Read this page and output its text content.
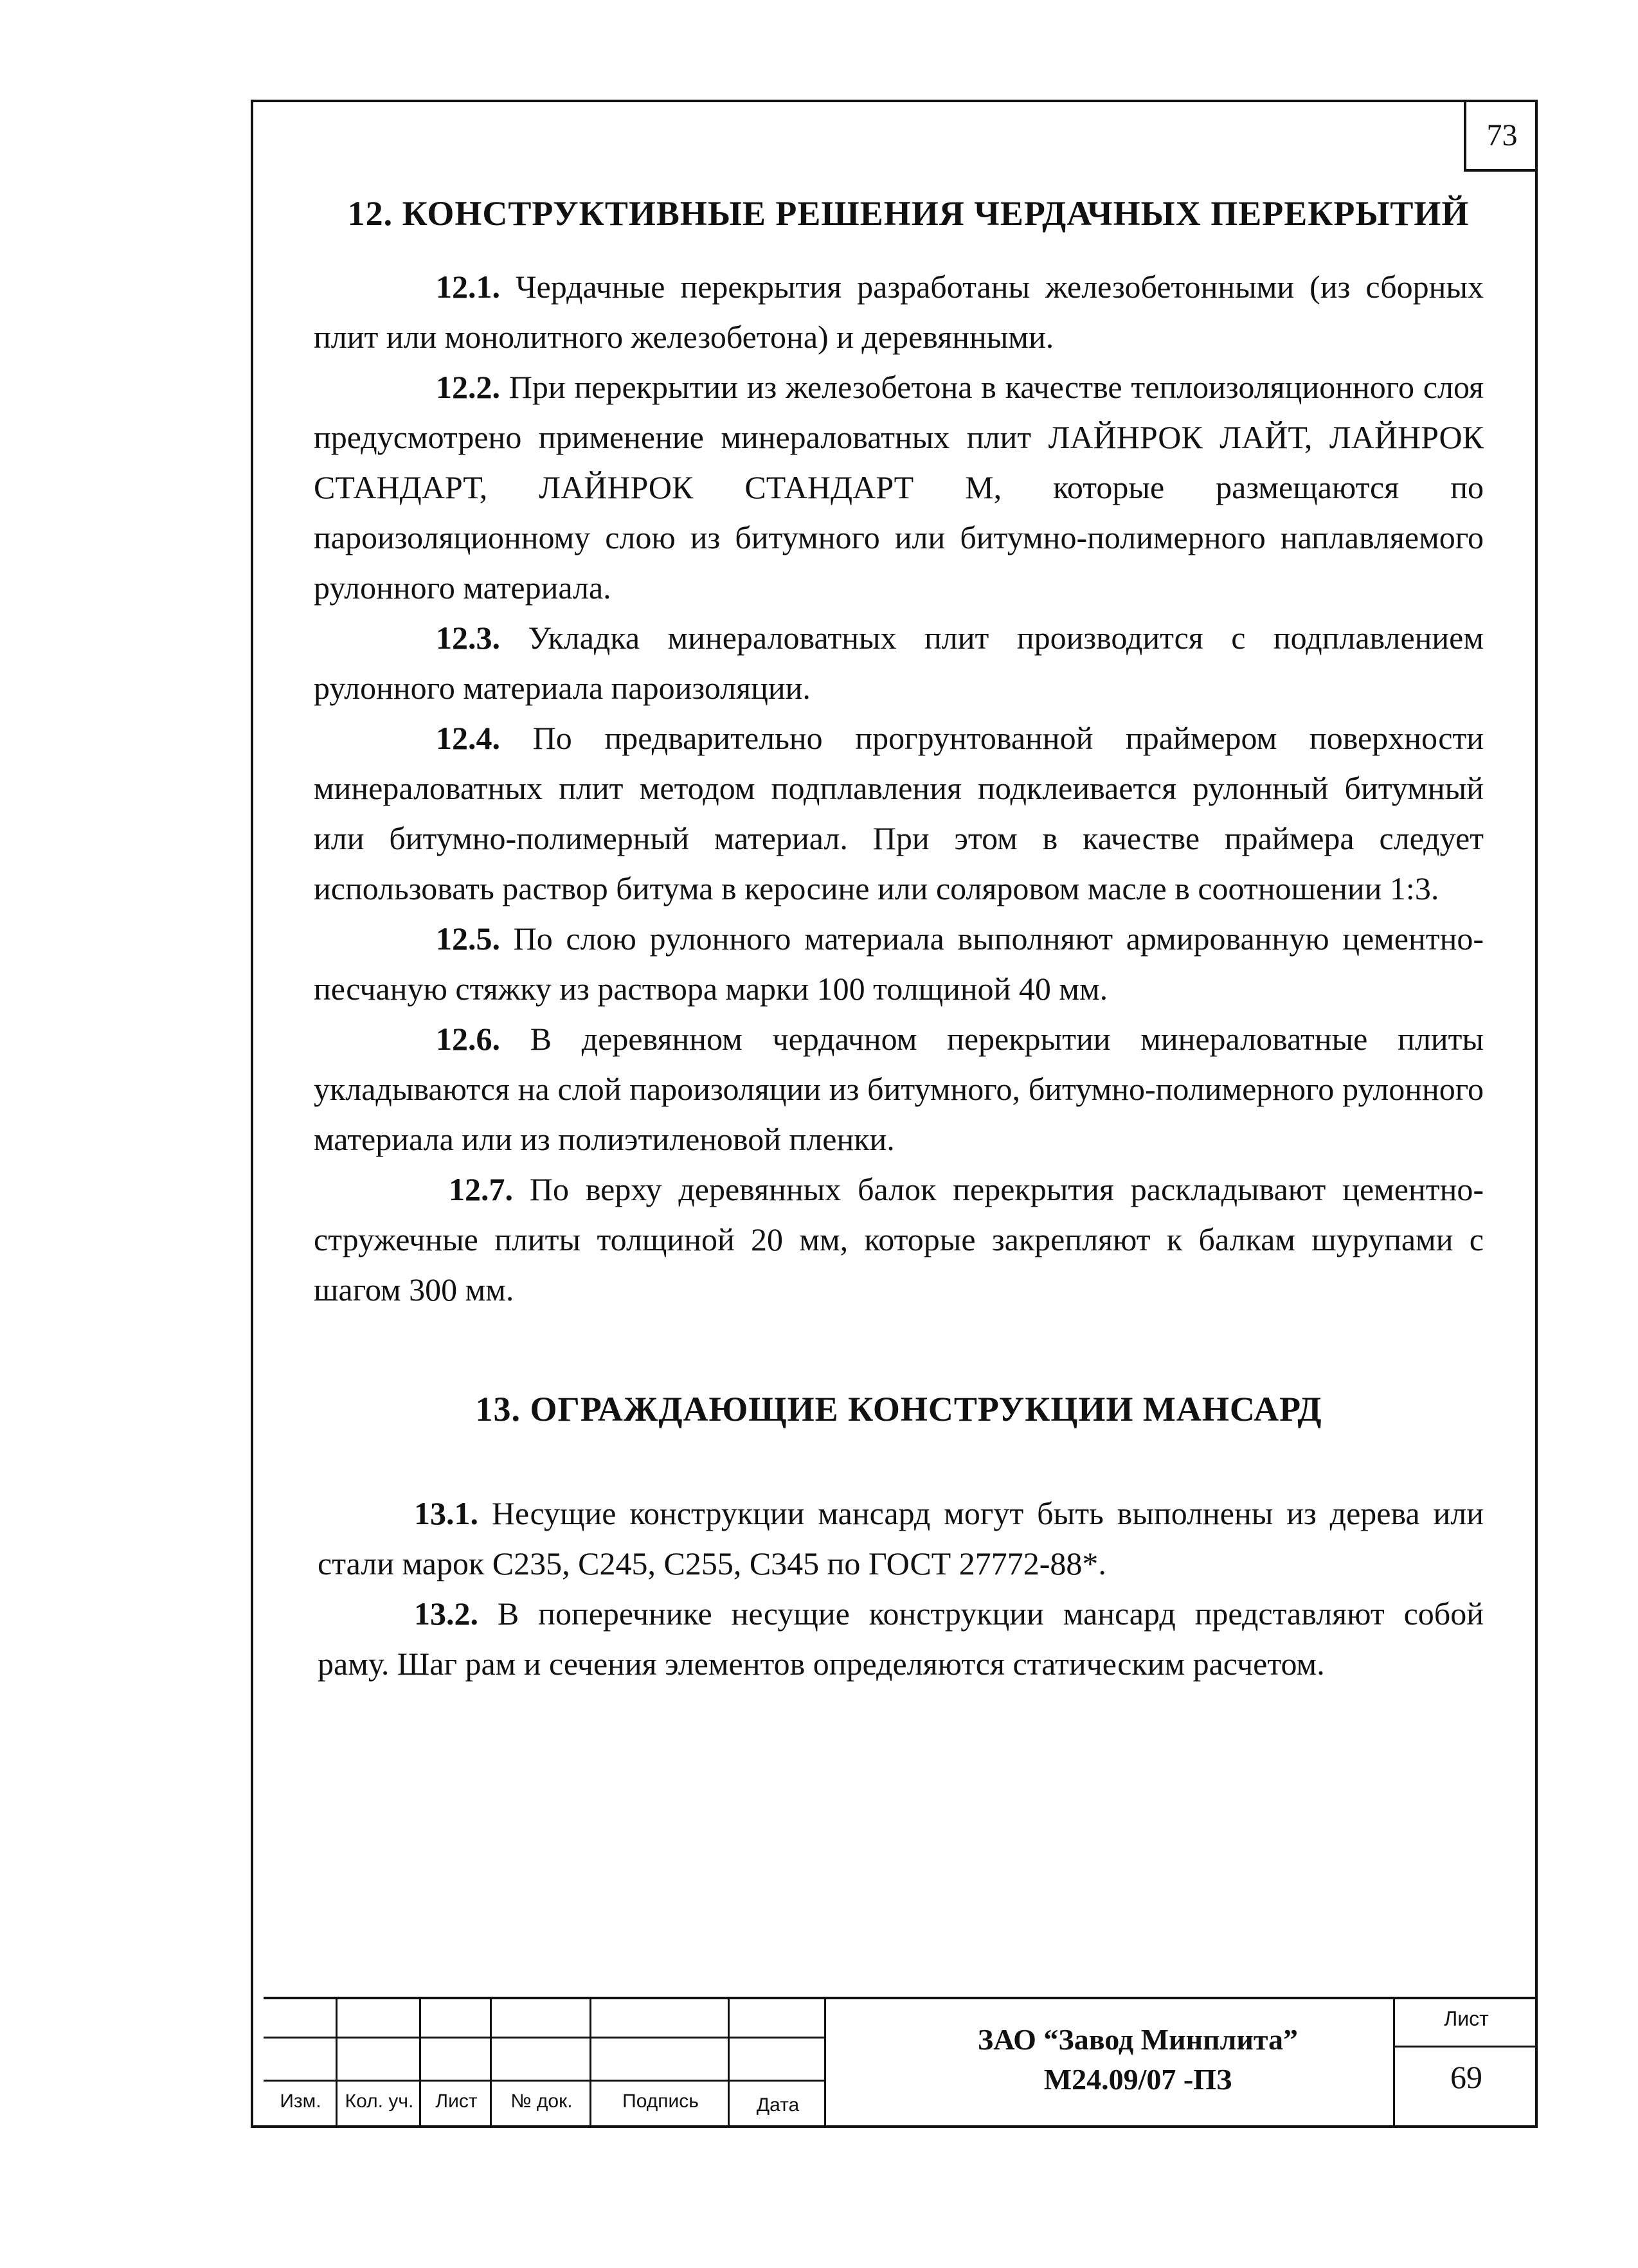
73
12. КОНСТРУКТИВНЫЕ РЕШЕНИЯ ЧЕРДАЧНЫХ ПЕРЕКРЫТИЙ

12.1. Чердачные перекрытия разработаны железобетонными (из сборных плит или монолитного железобетона) и деревянными.

12.2. При перекрытии из железобетона в качестве теплоизоляционного слоя предусмотрено применение минераловатных плит ЛАЙНРОК ЛАЙТ, ЛАЙНРОК СТАНДАРТ, ЛАЙНРОК СТАНДАРТ М, которые размещаются по пароизоляционному слою из битумного или битумно-полимерного наплавляемого рулонного материала.

12.3. Укладка минераловатных плит производится с подплавлением рулонного материала пароизоляции.

12.4. По предварительно прогрунтованной праймером поверхности минераловатных плит методом подплавления подклеивается рулонный битумный или битумно-полимерный материал. При этом в качестве праймера следует использовать раствор битума в керосине или соляровом масле в соотношении 1:3.

12.5. По слою рулонного материала выполняют армированную цементно-песчаную стяжку из раствора марки 100 толщиной 40 мм.

12.6. В деревянном чердачном перекрытии минераловатные плиты укладываются на слой пароизоляции из битумного, битумно-полимерного рулонного материала или из полиэтиленовой пленки.

12.7. По верху деревянных балок перекрытия раскладывают цементно-стружечные плиты толщиной 20 мм, которые закрепляют к балкам шурупами с шагом 300 мм.

13. ОГРАЖДАЮЩИЕ КОНСТРУКЦИИ МАНСАРД

13.1. Несущие конструкции мансард могут быть выполнены из дерева или стали марок С235, С245, С255, С345 по ГОСТ 27772-88*.

13.2. В поперечнике несущие конструкции мансард представляют собой раму. Шаг рам и сечения элементов определяются статическим расчетом.

Изм.	Кол. уч.	Лист	№ док.	Подпись	Дата
ЗАО “Завод Минплита”
М24.09/07 -ПЗ
Лист
69
